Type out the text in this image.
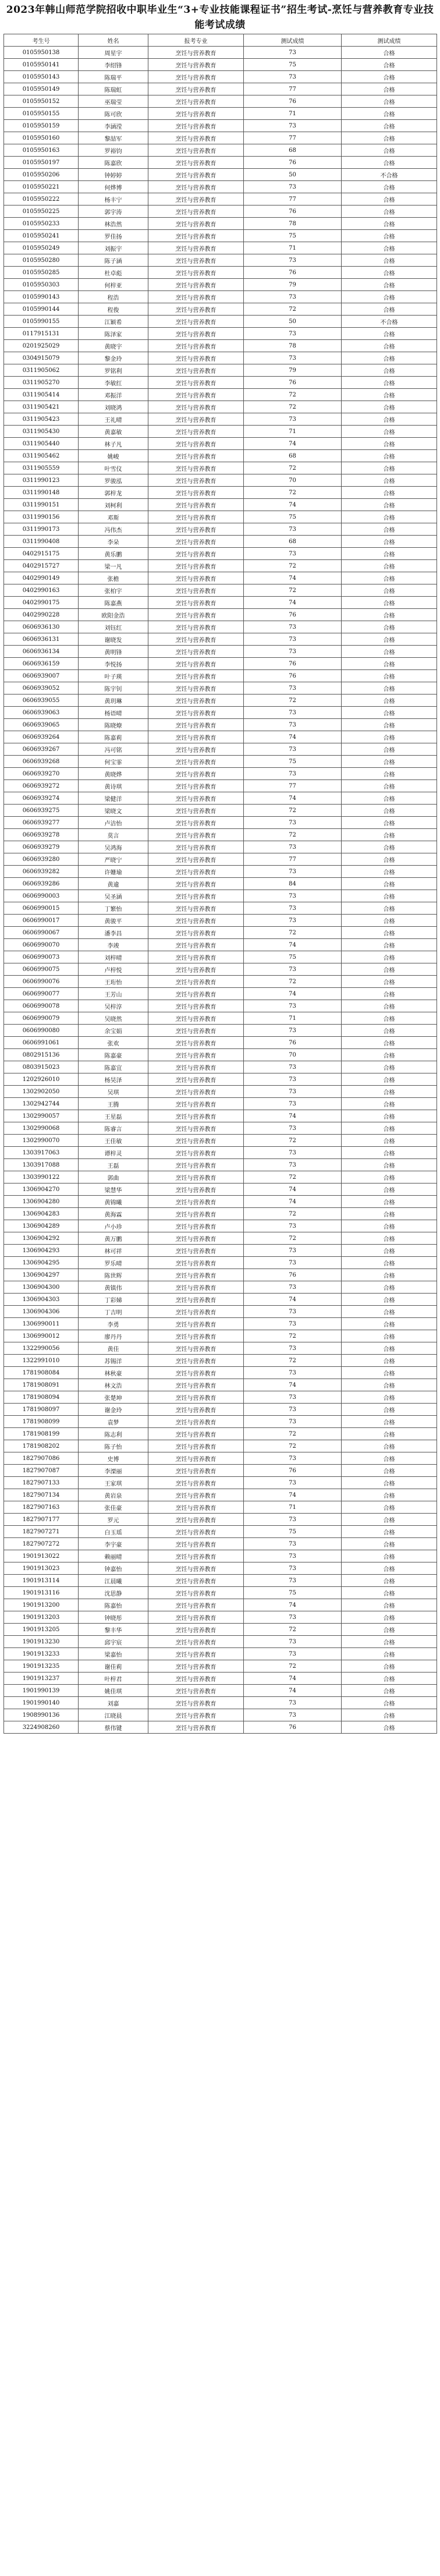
2023年韩山师范学院招收中职毕业生“3+专业技能课程证书”招生考试-烹饪与营养教育专业技能考试成绩
考生号	姓名	报考专业	测试成绩	测试成绩
0105950138	周星宇	烹饪与营养教育	73	合格
0105950141	李绍锋	烹饪与营养教育	75	合格
0105950143	陈瑞平	烹饪与营养教育	73	合格
0105950149	陈瑞虹	烹饪与营养教育	77	合格
0105950152	巫瑞莹	烹饪与营养教育	76	合格
0105950155	陈可欣	烹饪与营养教育	71	合格
0105950159	李涵滢	烹饪与营养教育	73	合格
0105950160	黎喆军	烹饪与营养教育	77	合格
0105950163	罗裕钧	烹饪与营养教育	68	合格
0105950197	陈嘉欣	烹饪与营养教育	76	合格
0105950206	钟婷婷	烹饪与营养教育	50	不合格
0105950221	何烨博	烹饪与营养教育	73	合格
0105950222	杨丰宁	烹饪与营养教育	77	合格
0105950225	郭宇涛	烹饪与营养教育	76	合格
0105950233	林浩然	烹饪与营养教育	78	合格
0105950241	罗佳扬	烹饪与营养教育	75	合格
0105950249	刘振宇	烹饪与营养教育	71	合格
0105950280	陈子涵	烹饪与营养教育	73	合格
0105950285	杜卓彪	烹饪与营养教育	76	合格
0105950303	何梓亚	烹饪与营养教育	79	合格
0105990143	程浩	烹饪与营养教育	73	合格
0105990144	程俊	烹饪与营养教育	72	合格
0105990155	江颖希	烹饪与营养教育	50	不合格
0117915131	陈泽家	烹饪与营养教育	73	合格
0201925029	黄晓宇	烹饪与营养教育	78	合格
0304915079	黎金玲	烹饪与营养教育	73	合格
0311905062	罗铭利	烹饪与营养教育	79	合格
0311905270	李敏红	烹饪与营养教育	76	合格
0311905414	邓振洋	烹饪与营养教育	72	合格
0311905421	刘晓鸿	烹饪与营养教育	72	合格
0311905423	王礼晴	烹饪与营养教育	73	合格
0311905430	黄嘉敏	烹饪与营养教育	71	合格
0311905440	林子凡	烹饪与营养教育	74	合格
0311905462	姚峻	烹饪与营养教育	68	合格
0311905559	叶雪仪	烹饪与营养教育	72	合格
0311990123	罗骏泓	烹饪与营养教育	70	合格
0311990148	郭梓龙	烹饪与营养教育	72	合格
0311990151	刘柯利	烹饪与营养教育	74	合格
0311990156	邓斯	烹饪与营养教育	75	合格
0311990173	冯伟杰	烹饪与营养教育	73	合格
0311990408	李朵	烹饪与营养教育	68	合格
0402915175	黄乐鹏	烹饪与营养教育	73	合格
0402915727	梁一凡	烹饪与营养教育	72	合格
0402990149	张檐	烹饪与营养教育	74	合格
0402990163	张柏宇	烹饪与营养教育	72	合格
0402990175	陈嘉燕	烹饪与营养教育	74	合格
0402990228	欧阳金浩	烹饪与营养教育	76	合格
0606936130	刘钰红	烹饪与营养教育	73	合格
0606936131	谢晓发	烹饪与营养教育	73	合格
0606936134	黄明锋	烹饪与营养教育	73	合格
0606936159	李悦扬	烹饪与营养教育	76	合格
0606939007	叶子瑛	烹饪与营养教育	76	合格
0606939052	陈宇钊	烹饪与营养教育	73	合格
0606939055	黄玥琳	烹饪与营养教育	72	合格
0606939063	杨语晴	烹饪与营养教育	73	合格
0606939065	陈晓燎	烹饪与营养教育	73	合格
0606939264	陈嘉莉	烹饪与营养教育	74	合格
0606939267	冯可铭	烹饪与营养教育	73	合格
0606939268	何宝霏	烹饪与营养教育	75	合格
0606939270	黄晓烨	烹饪与营养教育	73	合格
0606939272	黄诗琪	烹饪与营养教育	77	合格
0606939274	梁健洋	烹饪与营养教育	74	合格
0606939275	梁晓文	烹饪与营养教育	72	合格
0606939277	卢洁怡	烹饪与营养教育	73	合格
0606939278	莫言	烹饪与营养教育	72	合格
0606939279	吴鸿海	烹饪与营养教育	73	合格
0606939280	严晓宁	烹饪与营养教育	77	合格
0606939282	许姗瑜	烹饪与营养教育	73	合格
0606939286	黄逾	烹饪与营养教育	84	合格
0606990003	吴圣涵	烹饪与营养教育	73	合格
0606990015	丁繁怡	烹饪与营养教育	73	合格
0606990017	黄骏平	烹饪与营养教育	73	合格
0606990067	潘李昌	烹饪与营养教育	72	合格
0606990070	李竣	烹饪与营养教育	74	合格
0606990073	刘梓晴	烹饪与营养教育	75	合格
0606990075	卢梓悦	烹饪与营养教育	73	合格
0606990076	王珩怡	烹饪与营养教育	72	合格
0606990077	王芳山	烹饪与营养教育	74	合格
0606990078	吴梓淳	烹饪与营养教育	73	合格
0606990079	吴晓然	烹饪与营养教育	71	合格
0606990080	余宝娟	烹饪与营养教育	73	合格
0606991061	张欢	烹饪与营养教育	76	合格
0802915136	陈嘉豪	烹饪与营养教育	70	合格
0803915023	陈嘉宜	烹饪与营养教育	73	合格
1202926010	杨昊泽	烹饪与营养教育	73	合格
1302902050	吴琪	烹饪与营养教育	73	合格
1302942744	王腾	烹饪与营养教育	73	合格
1302990057	王星磊	烹饪与营养教育	74	合格
1302990068	陈睿言	烹饪与营养教育	73	合格
1302990070	王佳敏	烹饪与营养教育	72	合格
1303917063	谭梓灵	烹饪与营养教育	73	合格
1303917088	王磊	烹饪与营养教育	73	合格
1303990122	郭曲	烹饪与营养教育	72	合格
1306904270	梁慧华	烹饪与营养教育	74	合格
1306904280	黄锦曦	烹饪与营养教育	74	合格
1306904283	黄海霖	烹饪与营养教育	72	合格
1306904289	卢小珍	烹饪与营养教育	73	合格
1306904292	黄万鹏	烹饪与营养教育	72	合格
1306904293	林可祥	烹饪与营养教育	73	合格
1306904295	罗乐晴	烹饪与营养教育	73	合格
1306904297	陈世辉	烹饪与营养教育	76	合格
1306904300	黄镇伟	烹饪与营养教育	73	合格
1306904303	丁彩娣	烹饪与营养教育	74	合格
1306904306	丁吉明	烹饪与营养教育	73	合格
1306990011	李勇	烹饪与营养教育	73	合格
1306990012	廖丹丹	烹饪与营养教育	72	合格
1322990056	黄佳	烹饪与营养教育	73	合格
1322991010	苏锡洋	烹饪与营养教育	72	合格
1781908084	林秋豪	烹饪与营养教育	73	合格
1781908091	林文浩	烹饪与营养教育	74	合格
1781908094	张楚坤	烹饪与营养教育	73	合格
1781908097	谢金玲	烹饪与营养教育	73	合格
1781908099	袁梦	烹饪与营养教育	73	合格
1781908199	陈志利	烹饪与营养教育	72	合格
1781908202	陈子怡	烹饪与营养教育	72	合格
1827907086	史博	烹饪与营养教育	73	合格
1827907087	李溧丽	烹饪与营养教育	76	合格
1827907133	王家琪	烹饪与营养教育	73	合格
1827907134	黄岩泉	烹饪与营养教育	74	合格
1827907163	张佳豪	烹饪与营养教育	71	合格
1827907177	罗元	烹饪与营养教育	73	合格
1827907271	白玉瑶	烹饪与营养教育	75	合格
1827907272	李宇豪	烹饪与营养教育	73	合格
1901913022	赖丽晴	烹饪与营养教育	73	合格
1901913023	钟嘉怡	烹饪与营养教育	73	合格
1901913114	江晨曦	烹饪与营养教育	73	合格
1901913116	沈思静	烹饪与营养教育	75	合格
1901913200	陈嘉怡	烹饪与营养教育	74	合格
1901913203	钟晓彤	烹饪与营养教育	73	合格
1901913205	黎丰华	烹饪与营养教育	72	合格
1901913230	邱宇宸	烹饪与营养教育	73	合格
1901913233	梁嘉怡	烹饪与营养教育	73	合格
1901913235	谢佳莉	烹饪与营养教育	72	合格
1901913237	叶梓君	烹饪与营养教育	74	合格
1901990139	姚佳琪	烹饪与营养教育	74	合格
1901990140	刘嘉	烹饪与营养教育	73	合格
1908990136	江晓晨	烹饪与营养教育	73	合格
3224908260	蔡伟键	烹饪与营养教育	76	合格
